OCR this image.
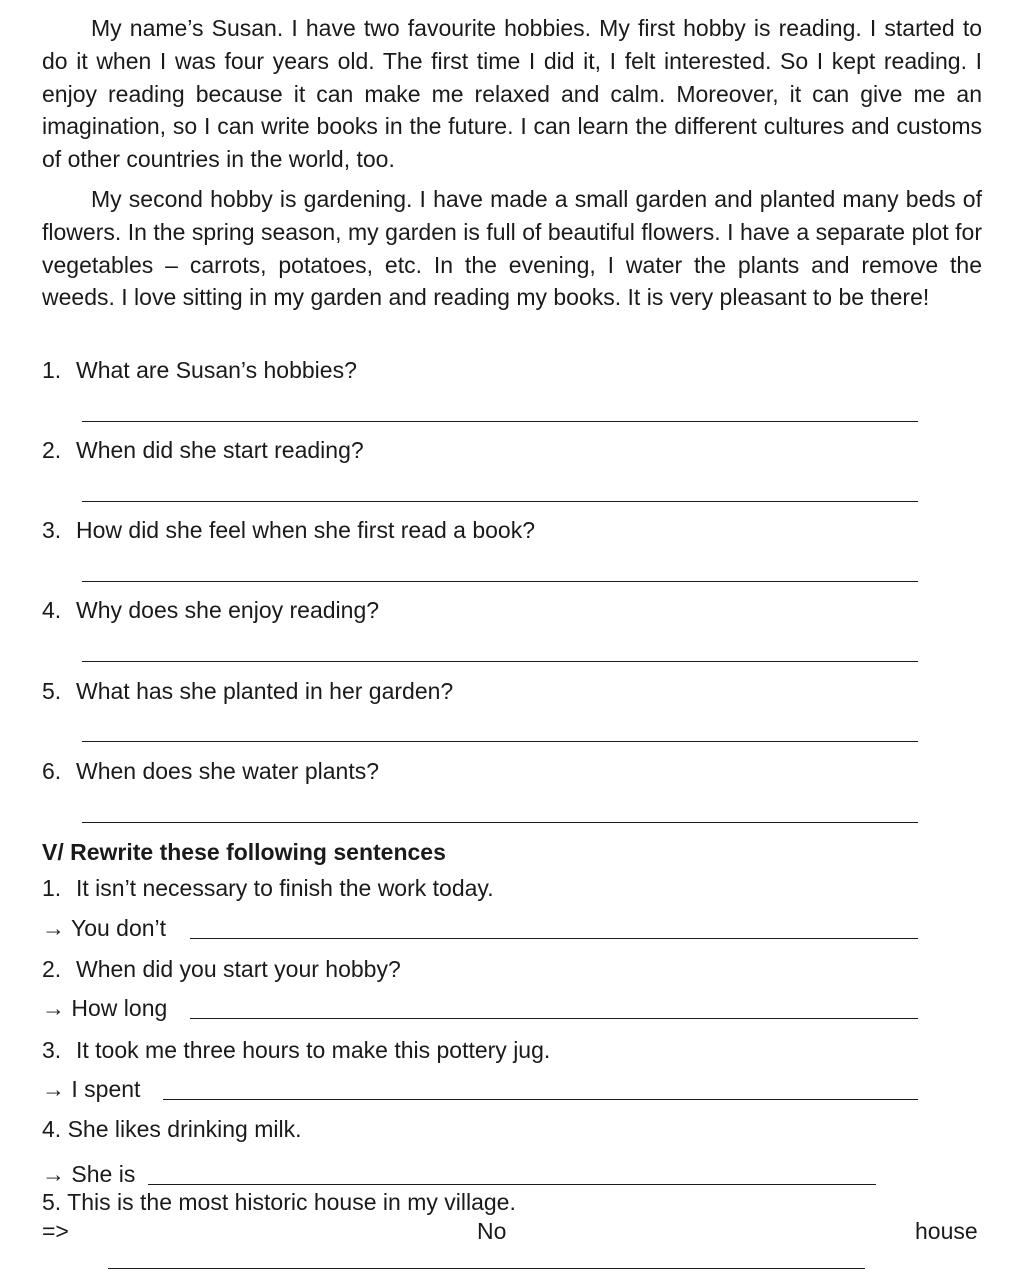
My name’s Susan. I have two favourite hobbies. My first hobby is reading. I started to do it when I was four years old. The first time I did it, I felt interested. So I kept reading. I enjoy reading because it can make me relaxed and calm. Moreover, it can give me an imagination, so I can write books in the future. I can learn the different cultures and customs of other countries in the world, too.

My second hobby is gardening. I have made a small garden and planted many beds of flowers. In the spring season, my garden is full of beautiful flowers. I have a separate plot for vegetables – carrots, potatoes, etc. In the evening, I water the plants and remove the weeds. I love sitting in my garden and reading my books. It is very pleasant to be there!

1. What are Susan’s hobbies?
2. When did she start reading?
3. How did she feel when she first read a book?
4. Why does she enjoy reading?
5. What has she planted in her garden?
6. When does she water plants?
V/ Rewrite these following sentences
1. It isn’t necessary to finish the work today.
→ You don’t
2. When did you start your hobby?
→ How long
3. It took me three hours to make this pottery jug.
→ I spent
4. She likes drinking milk.
→ She is
5. This is the most historic house in my village.
=>	No	house
